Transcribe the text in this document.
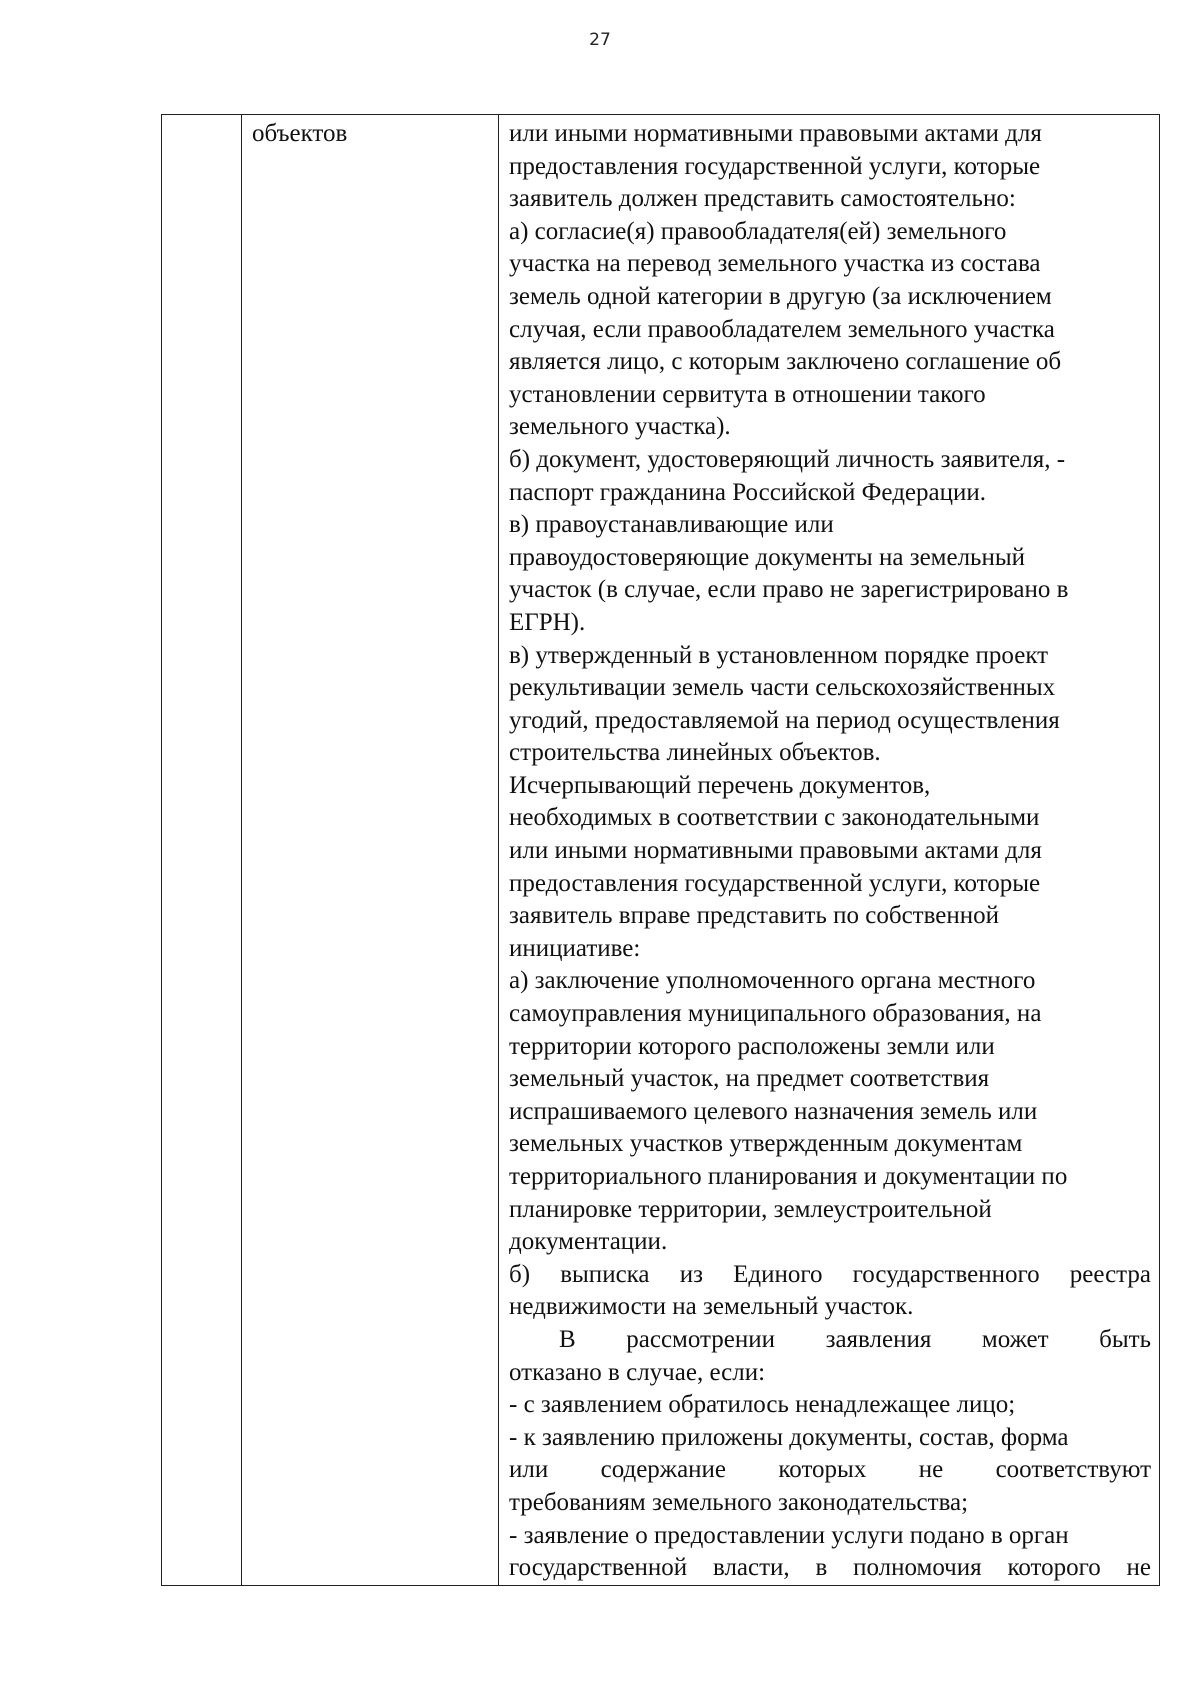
27

объектов	или иными нормативными правовыми актами для
предоставления государственной услуги, которые
заявитель должен представить самостоятельно:
а) согласие(я) правообладателя(ей) земельного
участка на перевод земельного участка из состава
земель одной категории в другую (за исключением
случая, если правообладателем земельного участка
является лицо, с которым заключено соглашение об
установлении сервитута в отношении такого
земельного участка).
б) документ, удостоверяющий личность заявителя, -
паспорт гражданина Российской Федерации.
в) правоустанавливающие или
правоудостоверяющие документы на земельный
участок (в случае, если право не зарегистрировано в
ЕГРН).
в) утвержденный в установленном порядке проект
рекультивации земель части сельскохозяйственных
угодий, предоставляемой на период осуществления
строительства линейных объектов.
Исчерпывающий перечень документов,
необходимых в соответствии с законодательными
или иными нормативными правовыми актами для
предоставления государственной услуги, которые
заявитель вправе представить по собственной
инициативе:
а) заключение уполномоченного органа местного
самоуправления муниципального образования, на
территории которого расположены земли или
земельный участок, на предмет соответствия
испрашиваемого целевого назначения земель или
земельных участков утвержденным документам
территориального планирования и документации по
планировке территории, землеустроительной
документации.
б) выписка из Единого государственного реестра
недвижимости на земельный участок.
В рассмотрении заявления может быть
отказано в случае, если:
- с заявлением обратилось ненадлежащее лицо;
- к заявлению приложены документы, состав, форма
или содержание которых не соответствуют
требованиям земельного законодательства;
- заявление о предоставлении услуги подано в орган
государственной власти, в полномочия которого не
